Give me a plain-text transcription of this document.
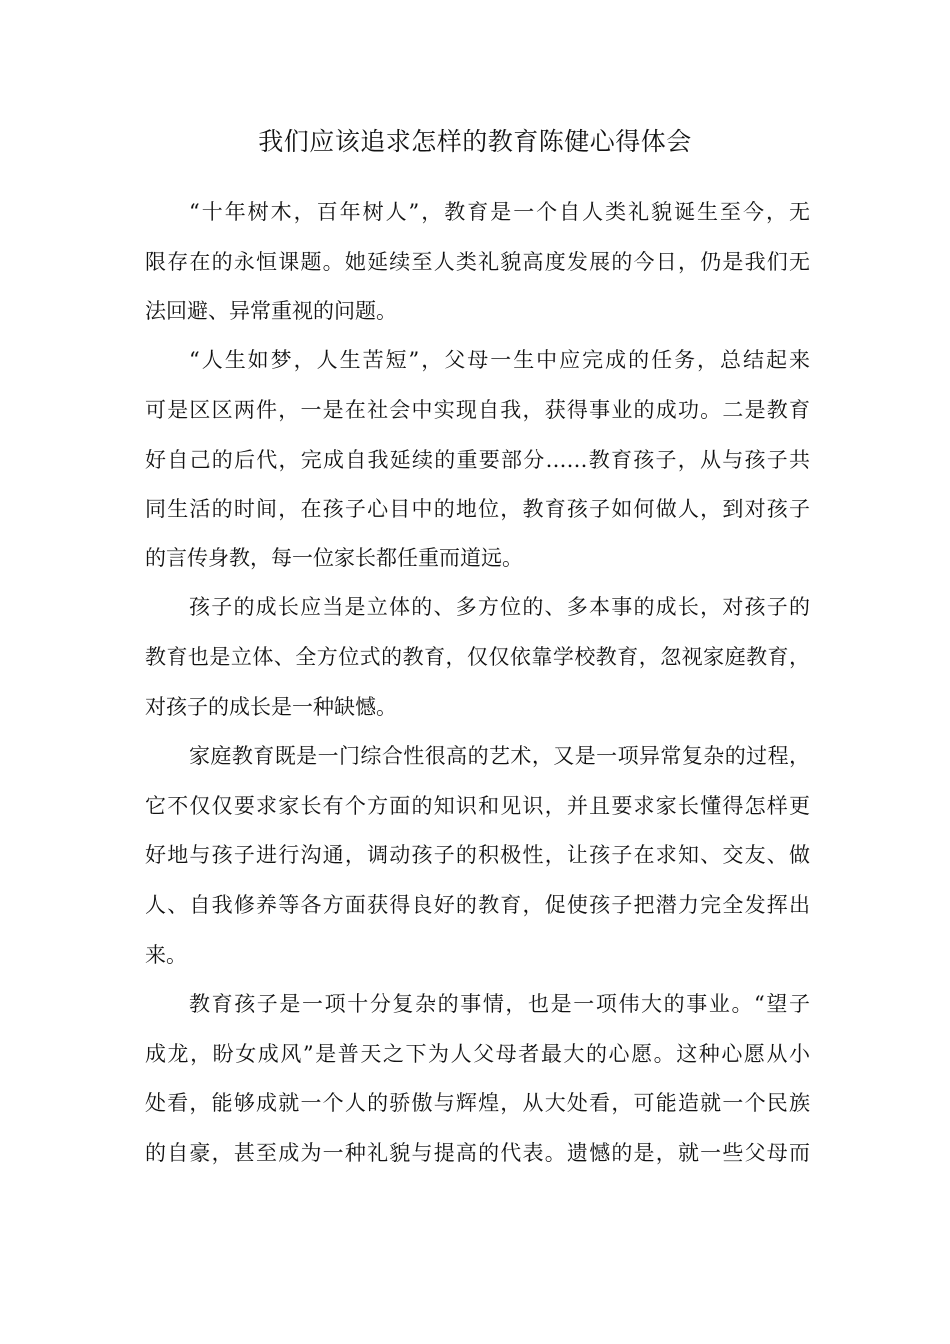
我们应该追求怎样的教育陈健心得体会

“十年树木，百年树人”，教育是一个自人类礼貌诞生至今，无

限存在的永恒课题。她延续至人类礼貌高度发展的今日，仍是我们无

法回避、异常重视的问题。

“人生如梦，人生苦短”，父母一生中应完成的任务，总结起来

可是区区两件，一是在社会中实现自我，获得事业的成功。二是教育

好自己的后代，完成自我延续的重要部分……教育孩子，从与孩子共

同生活的时间，在孩子心目中的地位，教育孩子如何做人，到对孩子

的言传身教，每一位家长都任重而道远。

孩子的成长应当是立体的、多方位的、多本事的成长，对孩子的

教育也是立体、全方位式的教育，仅仅依靠学校教育，忽视家庭教育，

对孩子的成长是一种缺憾。

家庭教育既是一门综合性很高的艺术，又是一项异常复杂的过程，

它不仅仅要求家长有个方面的知识和见识，并且要求家长懂得怎样更

好地与孩子进行沟通，调动孩子的积极性，让孩子在求知、交友、做

人、自我修养等各方面获得良好的教育，促使孩子把潜力完全发挥出

来。

教育孩子是一项十分复杂的事情，也是一项伟大的事业。“望子

成龙，盼女成风”是普天之下为人父母者最大的心愿。这种心愿从小

处看，能够成就一个人的骄傲与辉煌，从大处看，可能造就一个民族

的自豪，甚至成为一种礼貌与提高的代表。遗憾的是，就一些父母而
